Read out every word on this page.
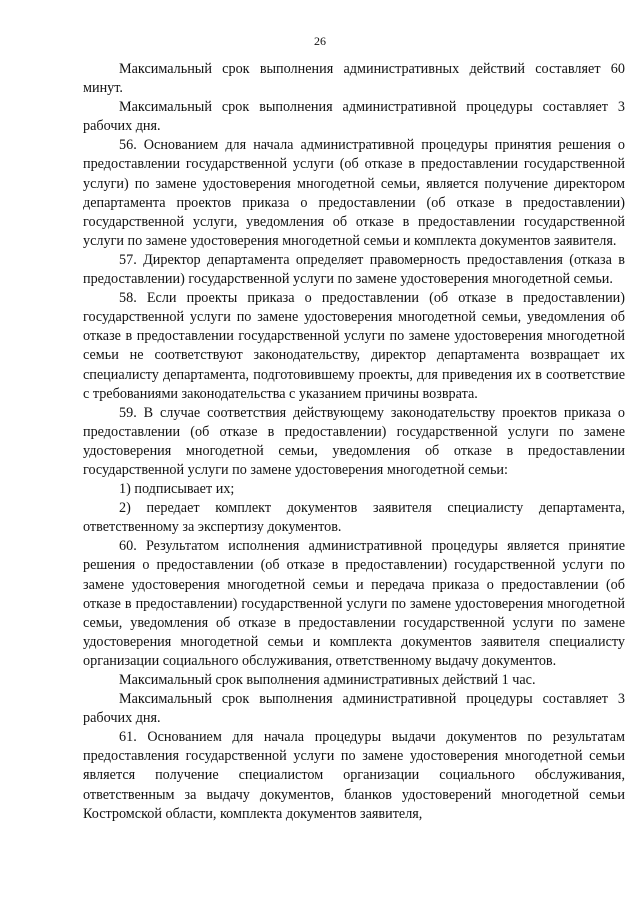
26

Максимальный срок выполнения административных действий составляет 60 минут.

Максимальный срок выполнения административной процедуры составляет 3 рабочих дня.

56. Основанием для начала административной процедуры принятия решения о предоставлении государственной услуги (об отказе в предоставлении государственной услуги) по замене удостоверения многодетной семьи, является получение директором департамента проектов приказа о предоставлении (об отказе в предоставлении) государственной услуги, уведомления об отказе в предоставлении государственной услуги по замене удостоверения многодетной семьи и комплекта документов заявителя.

57. Директор департамента определяет правомерность предоставления (отказа в предоставлении) государственной услуги по замене удостоверения многодетной семьи.

58. Если проекты приказа о предоставлении (об отказе в предоставлении) государственной услуги по замене удостоверения многодетной семьи, уведомления об отказе в предоставлении государственной услуги по замене удостоверения многодетной семьи не соответствуют законодательству, директор департамента возвращает их специалисту департамента, подготовившему проекты, для приведения их в соответствие с требованиями законодательства с указанием причины возврата.

59. В случае соответствия действующему законодательству проектов приказа о предоставлении (об отказе в предоставлении) государственной услуги по замене удостоверения многодетной семьи, уведомления об отказе в предоставлении государственной услуги по замене удостоверения многодетной семьи:

1) подписывает их;

2) передает комплект документов заявителя специалисту департамента, ответственному за экспертизу документов.

60. Результатом исполнения административной процедуры является принятие решения о предоставлении (об отказе в предоставлении) государственной услуги по замене удостоверения многодетной семьи и передача приказа о предоставлении (об отказе в предоставлении) государственной услуги по замене удостоверения многодетной семьи, уведомления об отказе в предоставлении государственной услуги по замене удостоверения многодетной семьи и комплекта документов заявителя специалисту организации социального обслуживания, ответственному выдачу документов.

Максимальный срок выполнения административных действий 1 час.

Максимальный срок выполнения административной процедуры составляет 3 рабочих дня.

61. Основанием для начала процедуры выдачи документов по результатам предоставления государственной услуги по замене удостоверения многодетной семьи является получение специалистом организации социального обслуживания, ответственным за выдачу документов, бланков удостоверений многодетной семьи Костромской области, комплекта документов заявителя,
